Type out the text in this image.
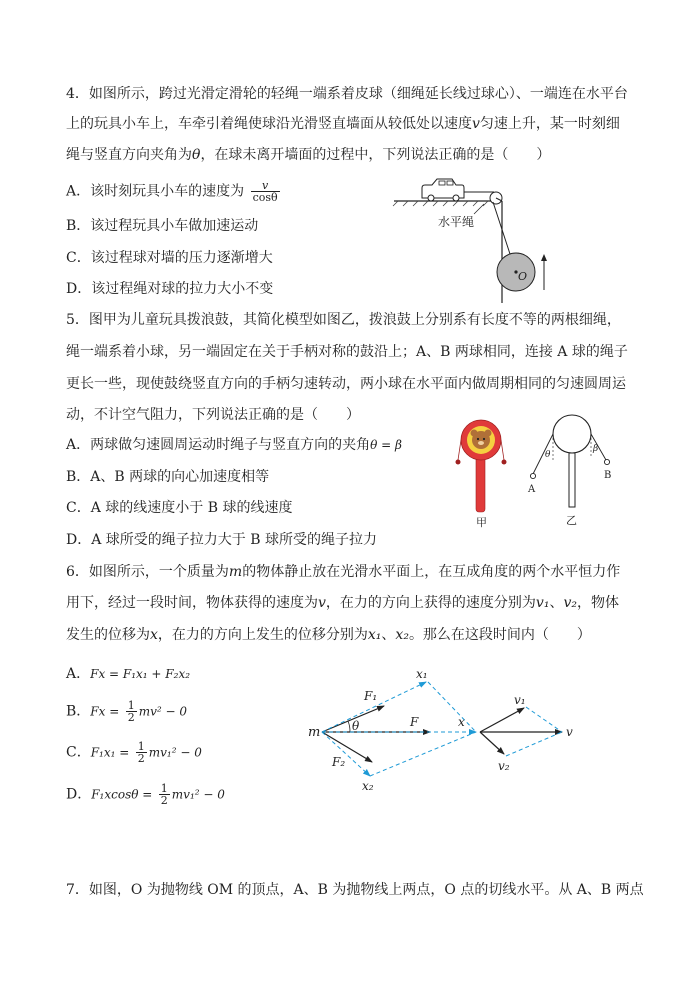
4．如图所示，跨过光滑定滑轮的轻绳一端系着皮球（细绳延长线过球心）、一端连在水平台
上的玩具小车上，车牵引着绳使球沿光滑竖直墙面从较低处以速度v匀速上升，某一时刻细
绳与竖直方向夹角为θ，在球未离开墙面的过程中，下列说法正确的是（　　）
A．该时刻玩具小车的速度为 $\frac{v}{\cos\theta}$
B．该过程玩具小车做加速运动
C．该过程球对墙的压力逐渐增大
D．该过程绳对球的拉力大小不变
O
水平绳
5．图甲为儿童玩具拨浪鼓，其简化模型如图乙，拨浪鼓上分别系有长度不等的两根细绳，
绳一端系着小球，另一端固定在关于手柄对称的鼓沿上；A、B 两球相同，连接 A 球的绳子
更长一些，现使鼓绕竖直方向的手柄匀速转动，两小球在水平面内做周期相同的匀速圆周运
动，不计空气阻力，下列说法正确的是（　　）
A．两球做匀速圆周运动时绳子与竖直方向的夹角θ = β
B．A、B 两球的向心加速度相等
C．A 球的线速度小于 B 球的线速度
D．A 球所受的绳子拉力大于 B 球所受的绳子拉力
甲
A
θ
B
β
乙
6．如图所示，一个质量为m的物体静止放在光滑水平面上，在互成角度的两个水平恒力作
用下，经过一段时间，物体获得的速度为v，在力的方向上获得的速度分别为v₁、v₂，物体
发生的位移为x，在力的方向上发生的位移分别为x₁、x₂。那么在这段时间内（　　）
A．Fx = F₁x₁ + F₂x₂
B．$Fx = \frac{1}{2} mv^2 - 0$
C．$F_1x_1 = \frac{1}{2} mv_1^2 - 0$
D．$F_1xcos\theta = \frac{1}{2} mv_1^2 - 0$
m	θ
F₁
F
F₂
x₁
x
x₂
v₁
v
v₂
7．如图，O 为抛物线 OM 的顶点，A、B 为抛物线上两点，O 点的切线水平。从 A、B 两点
